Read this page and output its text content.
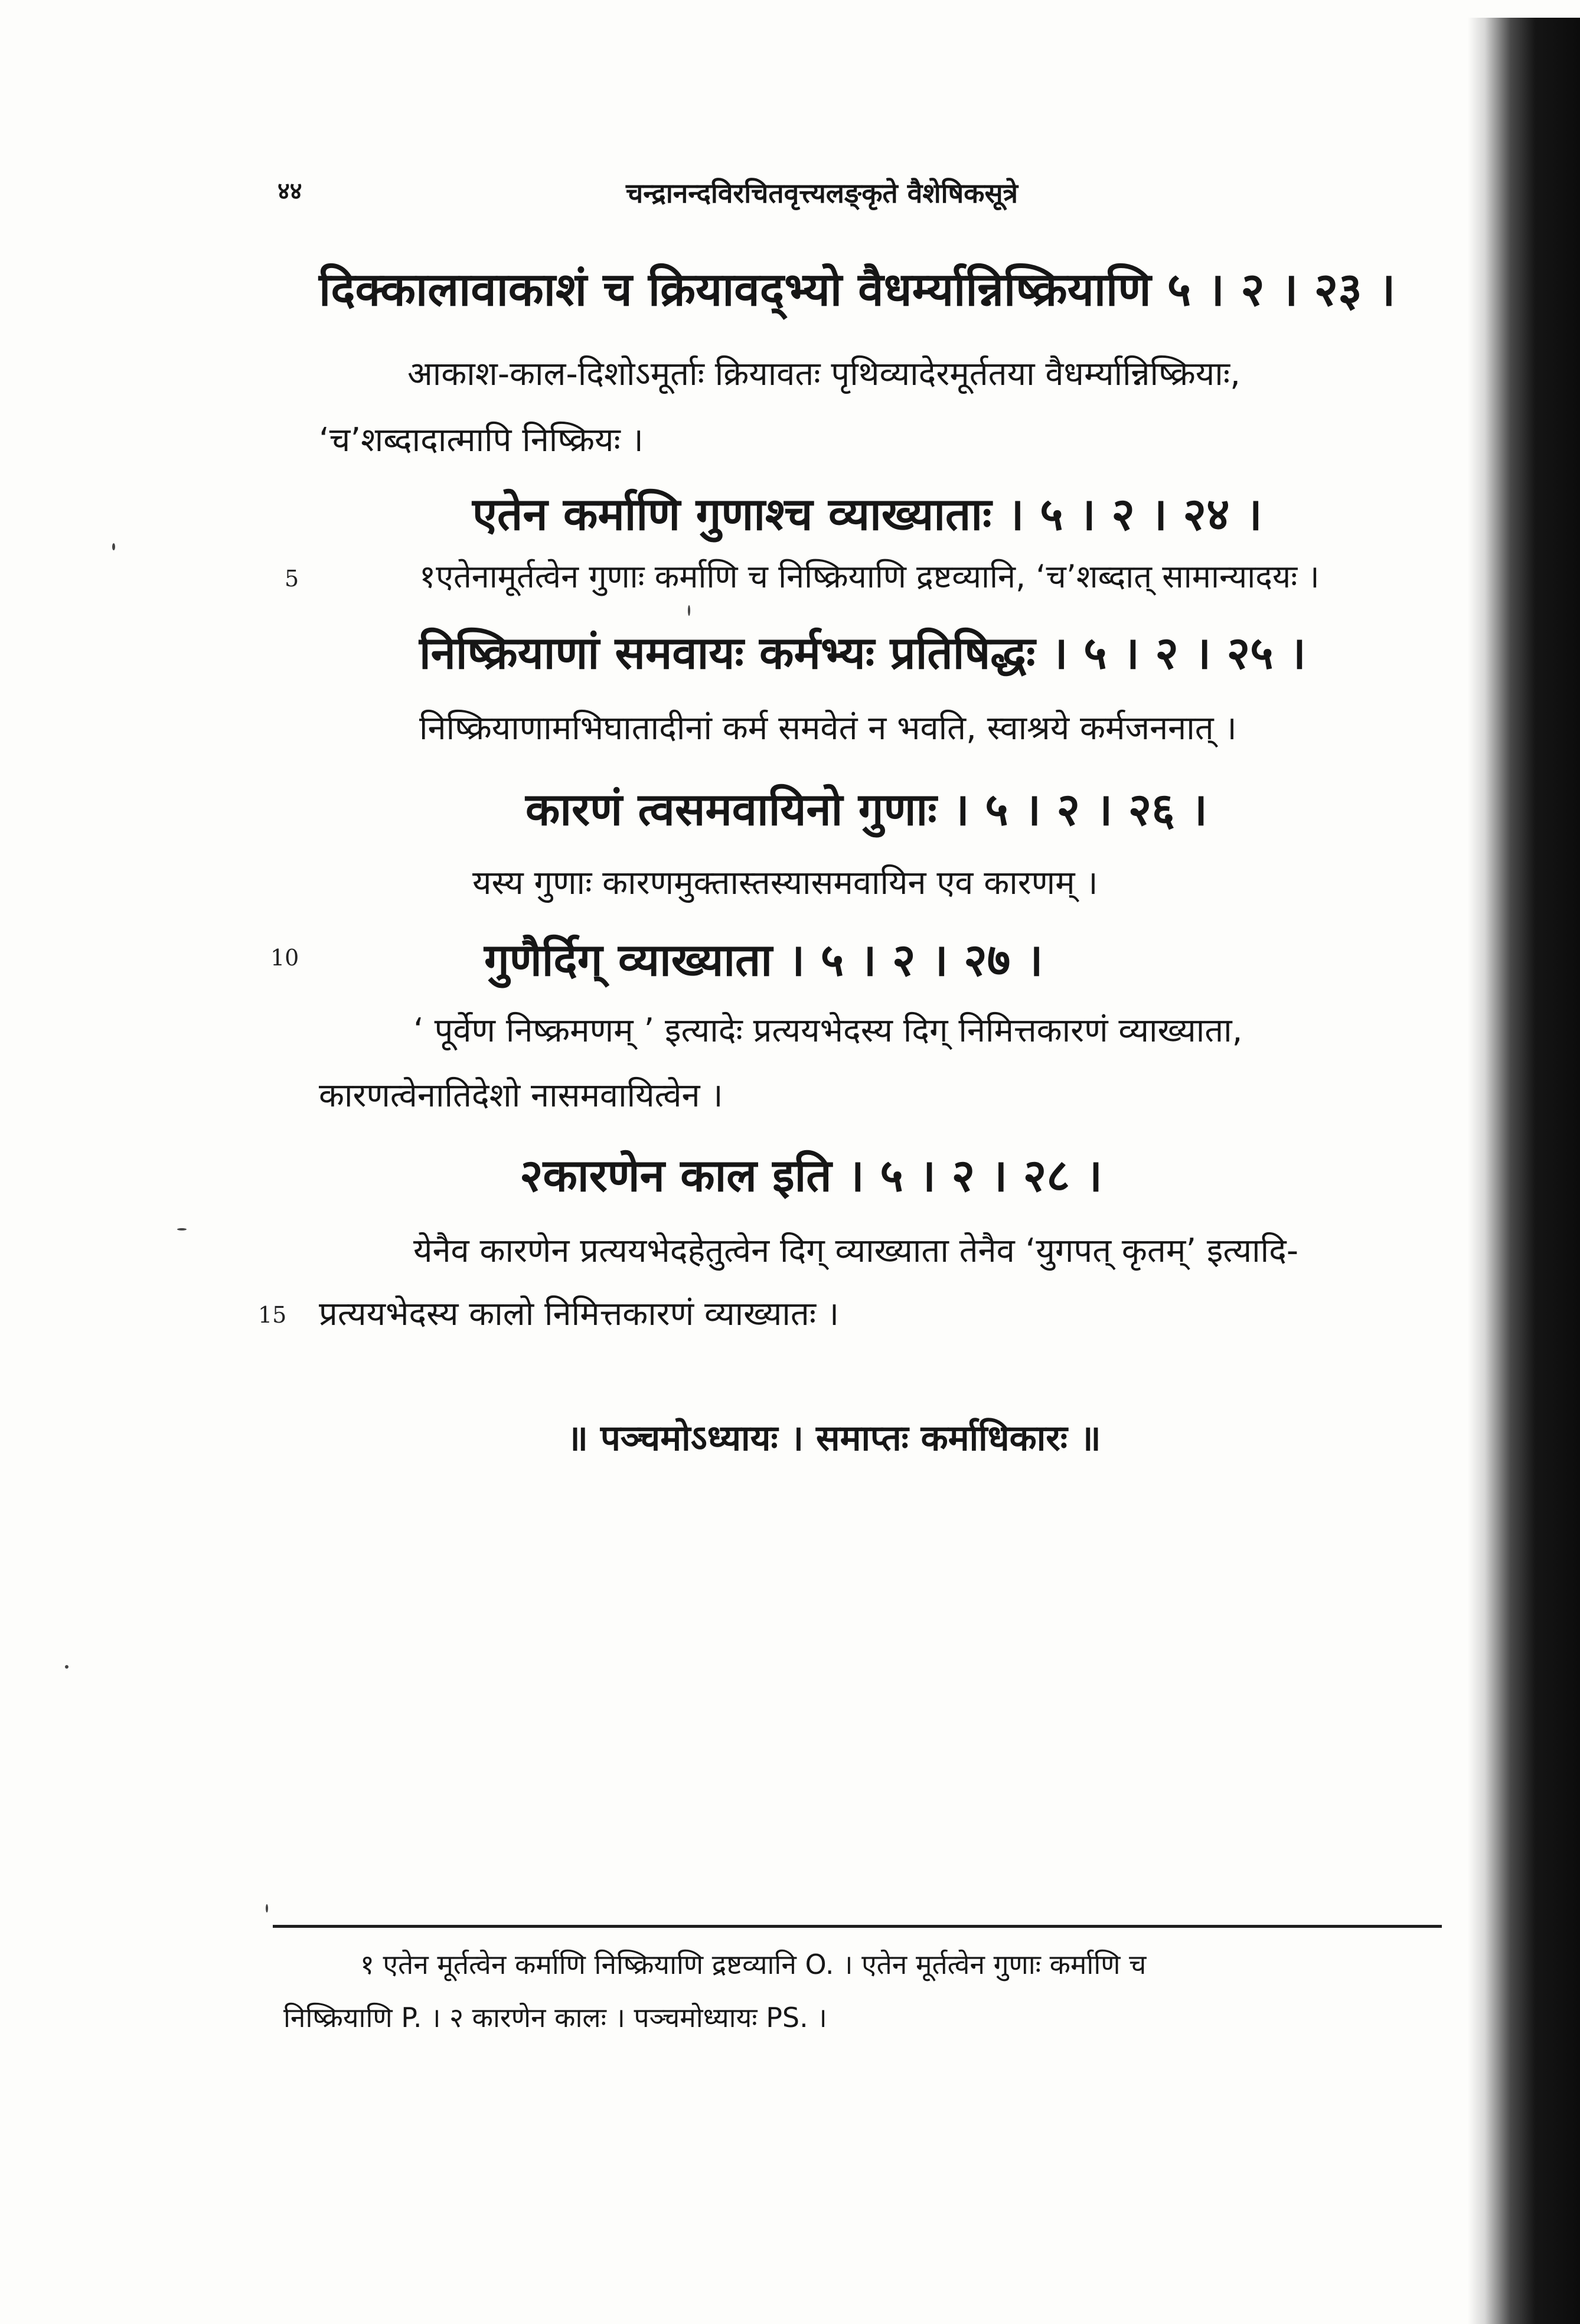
४४	चन्द्रानन्दविरचितवृत्त्यलङ्कृते वैशेषिकसूत्रे
दिक्कालावाकाशं च क्रियावद्भ्यो वैधर्म्यान्निष्क्रियाणि ५ । २ । २३ ।
आकाश-काल-दिशोऽमूर्ताः क्रियावतः पृथिव्यादेरमूर्ततया वैधर्म्यान्निष्क्रियाः,
‘च’शब्दादात्मापि निष्क्रियः ।
एतेन कर्माणि गुणाश्च व्याख्याताः । ५ । २ । २४ ।
5	१एतेनामूर्तत्वेन गुणाः कर्माणि च निष्क्रियाणि द्रष्टव्यानि, ‘च’शब्दात् सामान्यादयः ।
निष्क्रियाणां समवायः कर्मभ्यः प्रतिषिद्धः । ५ । २ । २५ ।
निष्क्रियाणामभिघातादीनां कर्म समवेतं न भवति, स्वाश्रये कर्मजननात् ।
कारणं त्वसमवायिनो गुणाः । ५ । २ । २६ ।
यस्य गुणाः कारणमुक्तास्तस्यासमवायिन एव कारणम् ।
10	गुणैर्दिग् व्याख्याता । ५ । २ । २७ ।
‘ पूर्वेण निष्क्रमणम् ’ इत्यादेः प्रत्ययभेदस्य दिग् निमित्तकारणं व्याख्याता,
कारणत्वेनातिदेशो नासमवायित्वेन ।
२कारणेन काल इति । ५ । २ । २८ ।
येनैव कारणेन प्रत्ययभेदहेतुत्वेन दिग् व्याख्याता तेनैव ‘युगपत् कृतम्’ इत्यादि-
15 प्रत्ययभेदस्य कालो निमित्तकारणं व्याख्यातः ।
॥ पञ्चमोऽध्यायः । समाप्तः कर्माधिकारः ॥
१ एतेन मूर्तत्वेन कर्माणि निष्क्रियाणि द्रष्टव्यानि O. । एतेन मूर्तत्वेन गुणाः कर्माणि च
निष्क्रियाणि P. । २ कारणेन कालः । पञ्चमोध्यायः PS. ।
